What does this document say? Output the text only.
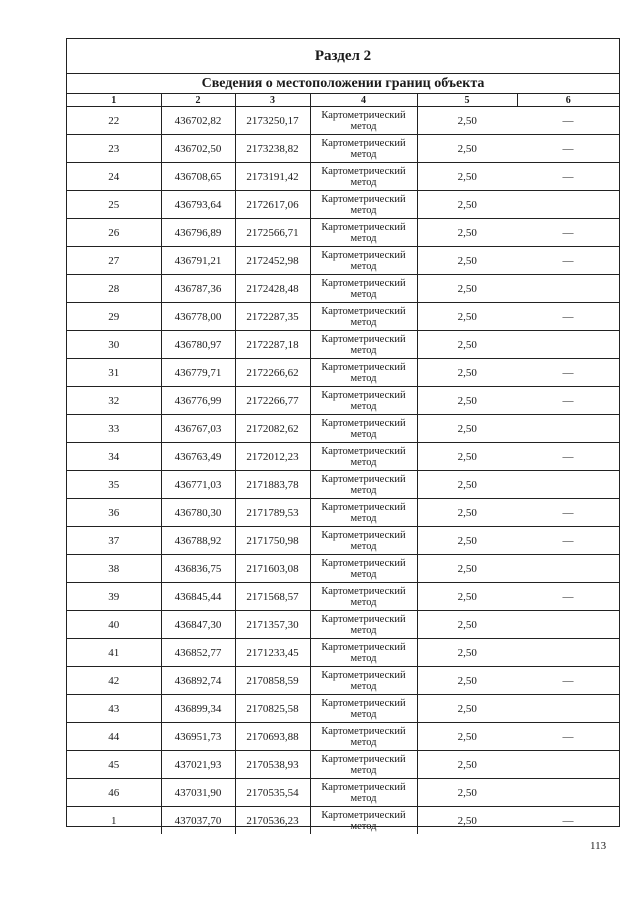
Раздел 2
Сведения о местоположении границ объекта
1	2	3	4	5	6
22	436702,82	2173250,17	Картометрический метод	2,50	—
23	436702,50	2173238,82	Картометрический метод	2,50	—
24	436708,65	2173191,42	Картометрический метод	2,50	—
25	436793,64	2172617,06	Картометрический метод	2,50	
26	436796,89	2172566,71	Картометрический метод	2,50	—
27	436791,21	2172452,98	Картометрический метод	2,50	—
28	436787,36	2172428,48	Картометрический метод	2,50	
29	436778,00	2172287,35	Картометрический метод	2,50	—
30	436780,97	2172287,18	Картометрический метод	2,50	
31	436779,71	2172266,62	Картометрический метод	2,50	—
32	436776,99	2172266,77	Картометрический метод	2,50	—
33	436767,03	2172082,62	Картометрический метод	2,50	
34	436763,49	2172012,23	Картометрический метод	2,50	—
35	436771,03	2171883,78	Картометрический метод	2,50	
36	436780,30	2171789,53	Картометрический метод	2,50	—
37	436788,92	2171750,98	Картометрический метод	2,50	—
38	436836,75	2171603,08	Картометрический метод	2,50	
39	436845,44	2171568,57	Картометрический метод	2,50	—
40	436847,30	2171357,30	Картометрический метод	2,50	
41	436852,77	2171233,45	Картометрический метод	2,50	
42	436892,74	2170858,59	Картометрический метод	2,50	—
43	436899,34	2170825,58	Картометрический метод	2,50	
44	436951,73	2170693,88	Картометрический метод	2,50	—
45	437021,93	2170538,93	Картометрический метод	2,50	
46	437031,90	2170535,54	Картометрический метод	2,50	
1	437037,70	2170536,23	Картометрический метод	2,50	—
113
